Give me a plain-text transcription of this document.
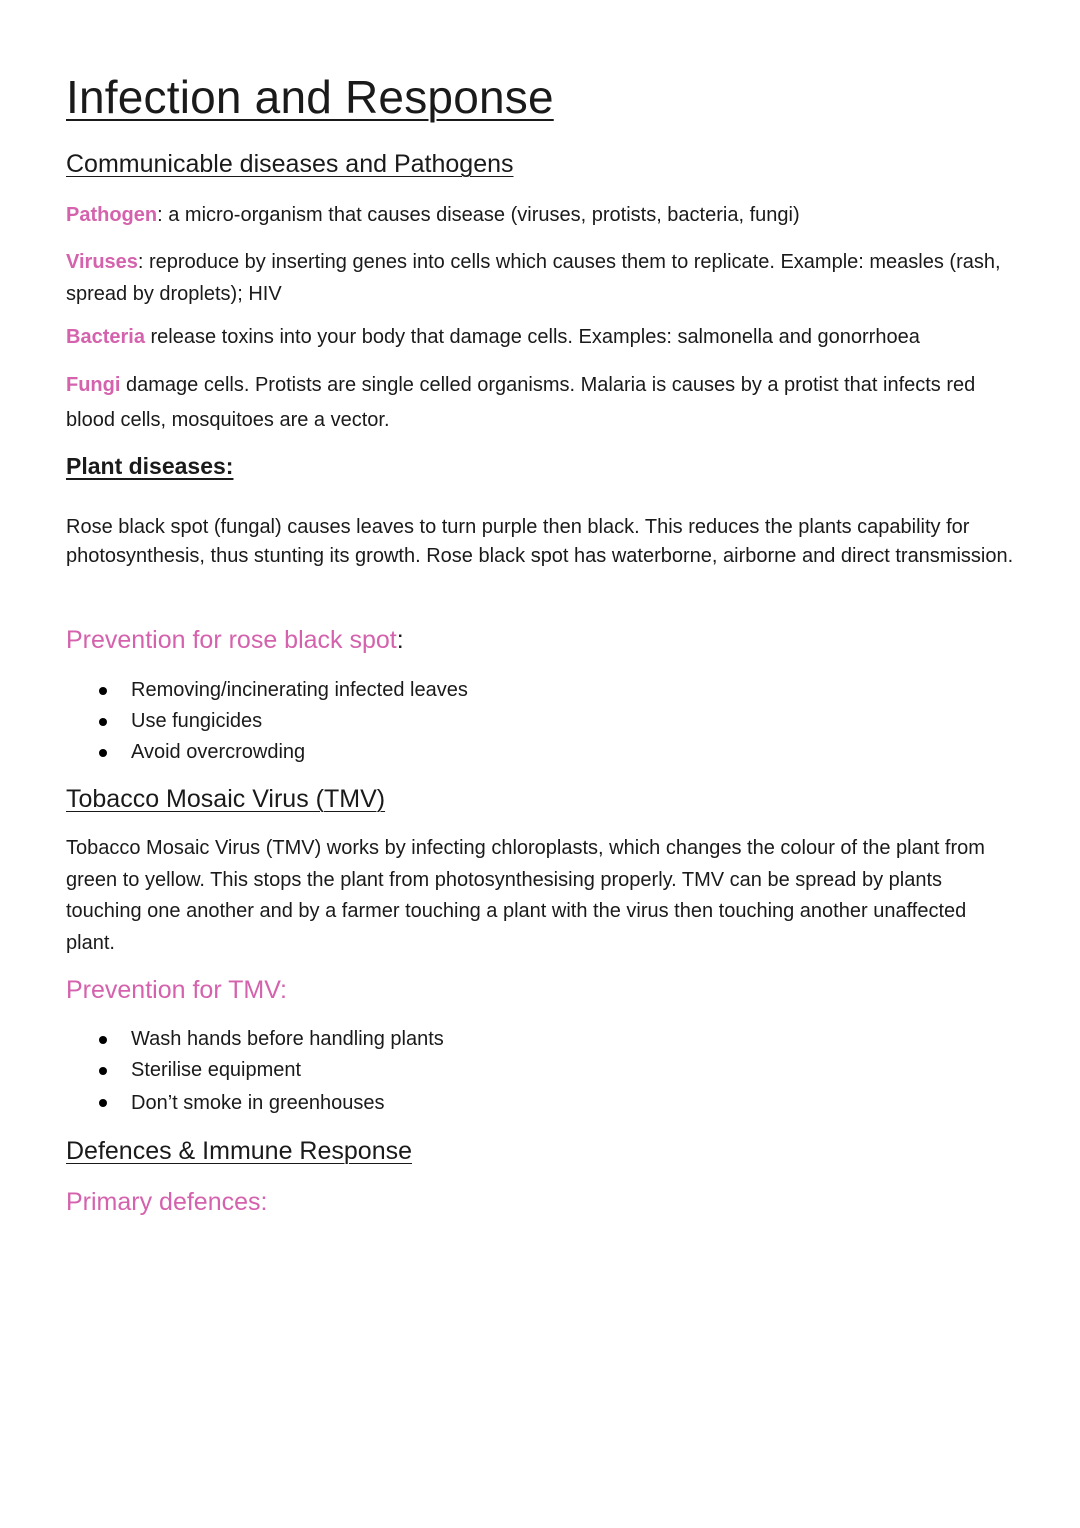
Infection and Response
Communicable diseases and Pathogens

Pathogen: a micro-organism that causes disease (viruses, protists, bacteria, fungi)

Viruses: reproduce by inserting genes into cells which causes them to replicate. Example: measles (rash, spread by droplets); HIV

Bacteria release toxins into your body that damage cells. Examples: salmonella and gonorrhoea

Fungi damage cells. Protists are single celled organisms. Malaria is causes by a protist that infects red blood cells, mosquitoes are a vector.

Plant diseases:

Rose black spot (fungal) causes leaves to turn purple then black. This reduces the plants capability for photosynthesis, thus stunting its growth. Rose black spot has waterborne, airborne and direct transmission.

Prevention for rose black spot:
Removing/incinerating infected leaves
Use fungicides
Avoid overcrowding
Tobacco Mosaic Virus (TMV)

Tobacco Mosaic Virus (TMV) works by infecting chloroplasts, which changes the colour of the plant from green to yellow. This stops the plant from photosynthesising properly. TMV can be spread by plants touching one another and by a farmer touching a plant with the virus then touching another unaffected plant.

Prevention for TMV:
Wash hands before handling plants
Sterilise equipment
Don’t smoke in greenhouses
Defences & Immune Response
Primary defences:
